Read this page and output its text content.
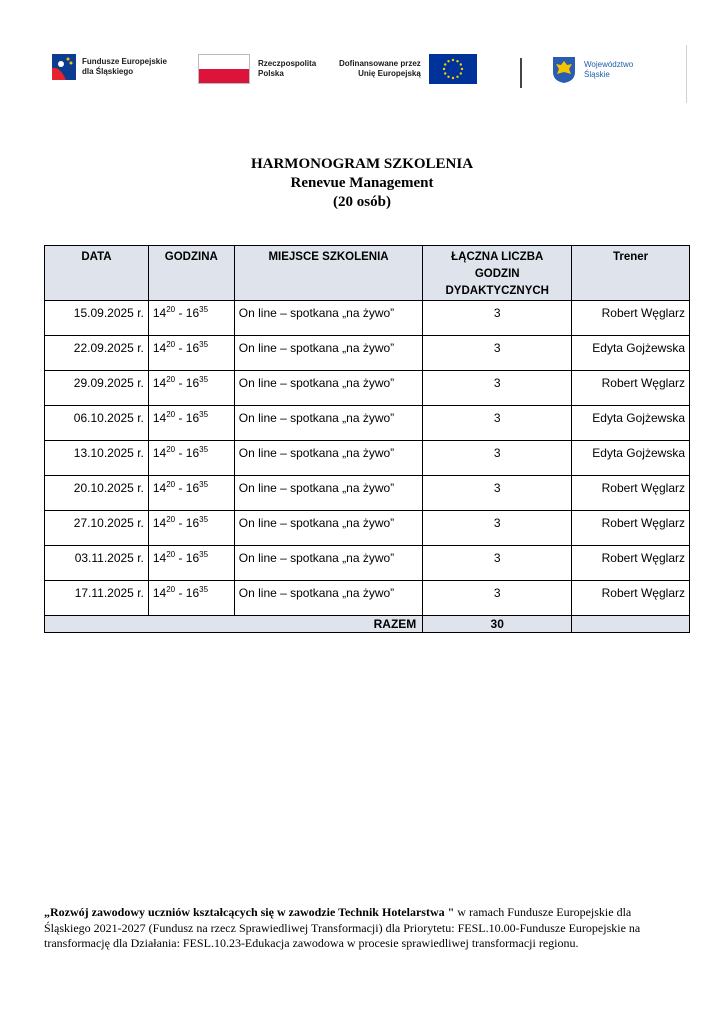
Fundusze Europejskie
dla Śląskiego
Rzeczpospolita
Polska
Dofinansowane przez
Unię Europejską
Województwo
Śląskie
HARMONOGRAM SZKOLENIA
Renevue Management
(20 osób)
DATA	GODZINA	MIEJSCE SZKOLENIA	ŁĄCZNA LICZBA
GODZIN
DYDAKTYCZNYCH	Trener
15.09.2025 r.	$14^{20} - 16^{35}$	On line – spotkana „na żywo”	3	Robert Węglarz
22.09.2025 r.	$14^{20} - 16^{35}$	On line – spotkana „na żywo”	3	Edyta Gojżewska
29.09.2025 r.	$14^{20} - 16^{35}$	On line – spotkana „na żywo”	3	Robert Węglarz
06.10.2025 r.	$14^{20} - 16^{35}$	On line – spotkana „na żywo”	3	Edyta Gojżewska
13.10.2025 r.	$14^{20} - 16^{35}$	On line – spotkana „na żywo”	3	Edyta Gojżewska
20.10.2025 r.	$14^{20} - 16^{35}$	On line – spotkana „na żywo”	3	Robert Węglarz
27.10.2025 r.	$14^{20} - 16^{35}$	On line – spotkana „na żywo”	3	Robert Węglarz
03.11.2025 r.	$14^{20} - 16^{35}$	On line – spotkana „na żywo”	3	Robert Węglarz
17.11.2025 r.	$14^{20} - 16^{35}$	On line – spotkana „na żywo”	3	Robert Węglarz
		RAZEM	30	
„Rozwój zawodowy uczniów kształcących się w zawodzie Technik Hotelarstwa " w ramach Fundusze Europejskie dla Śląskiego 2021-2027 (Fundusz na rzecz Sprawiedliwej Transformacji) dla Priorytetu: FESL.10.00-Fundusze Europejskie na transformację dla Działania: FESL.10.23-Edukacja zawodowa w procesie sprawiedliwej transformacji regionu.
